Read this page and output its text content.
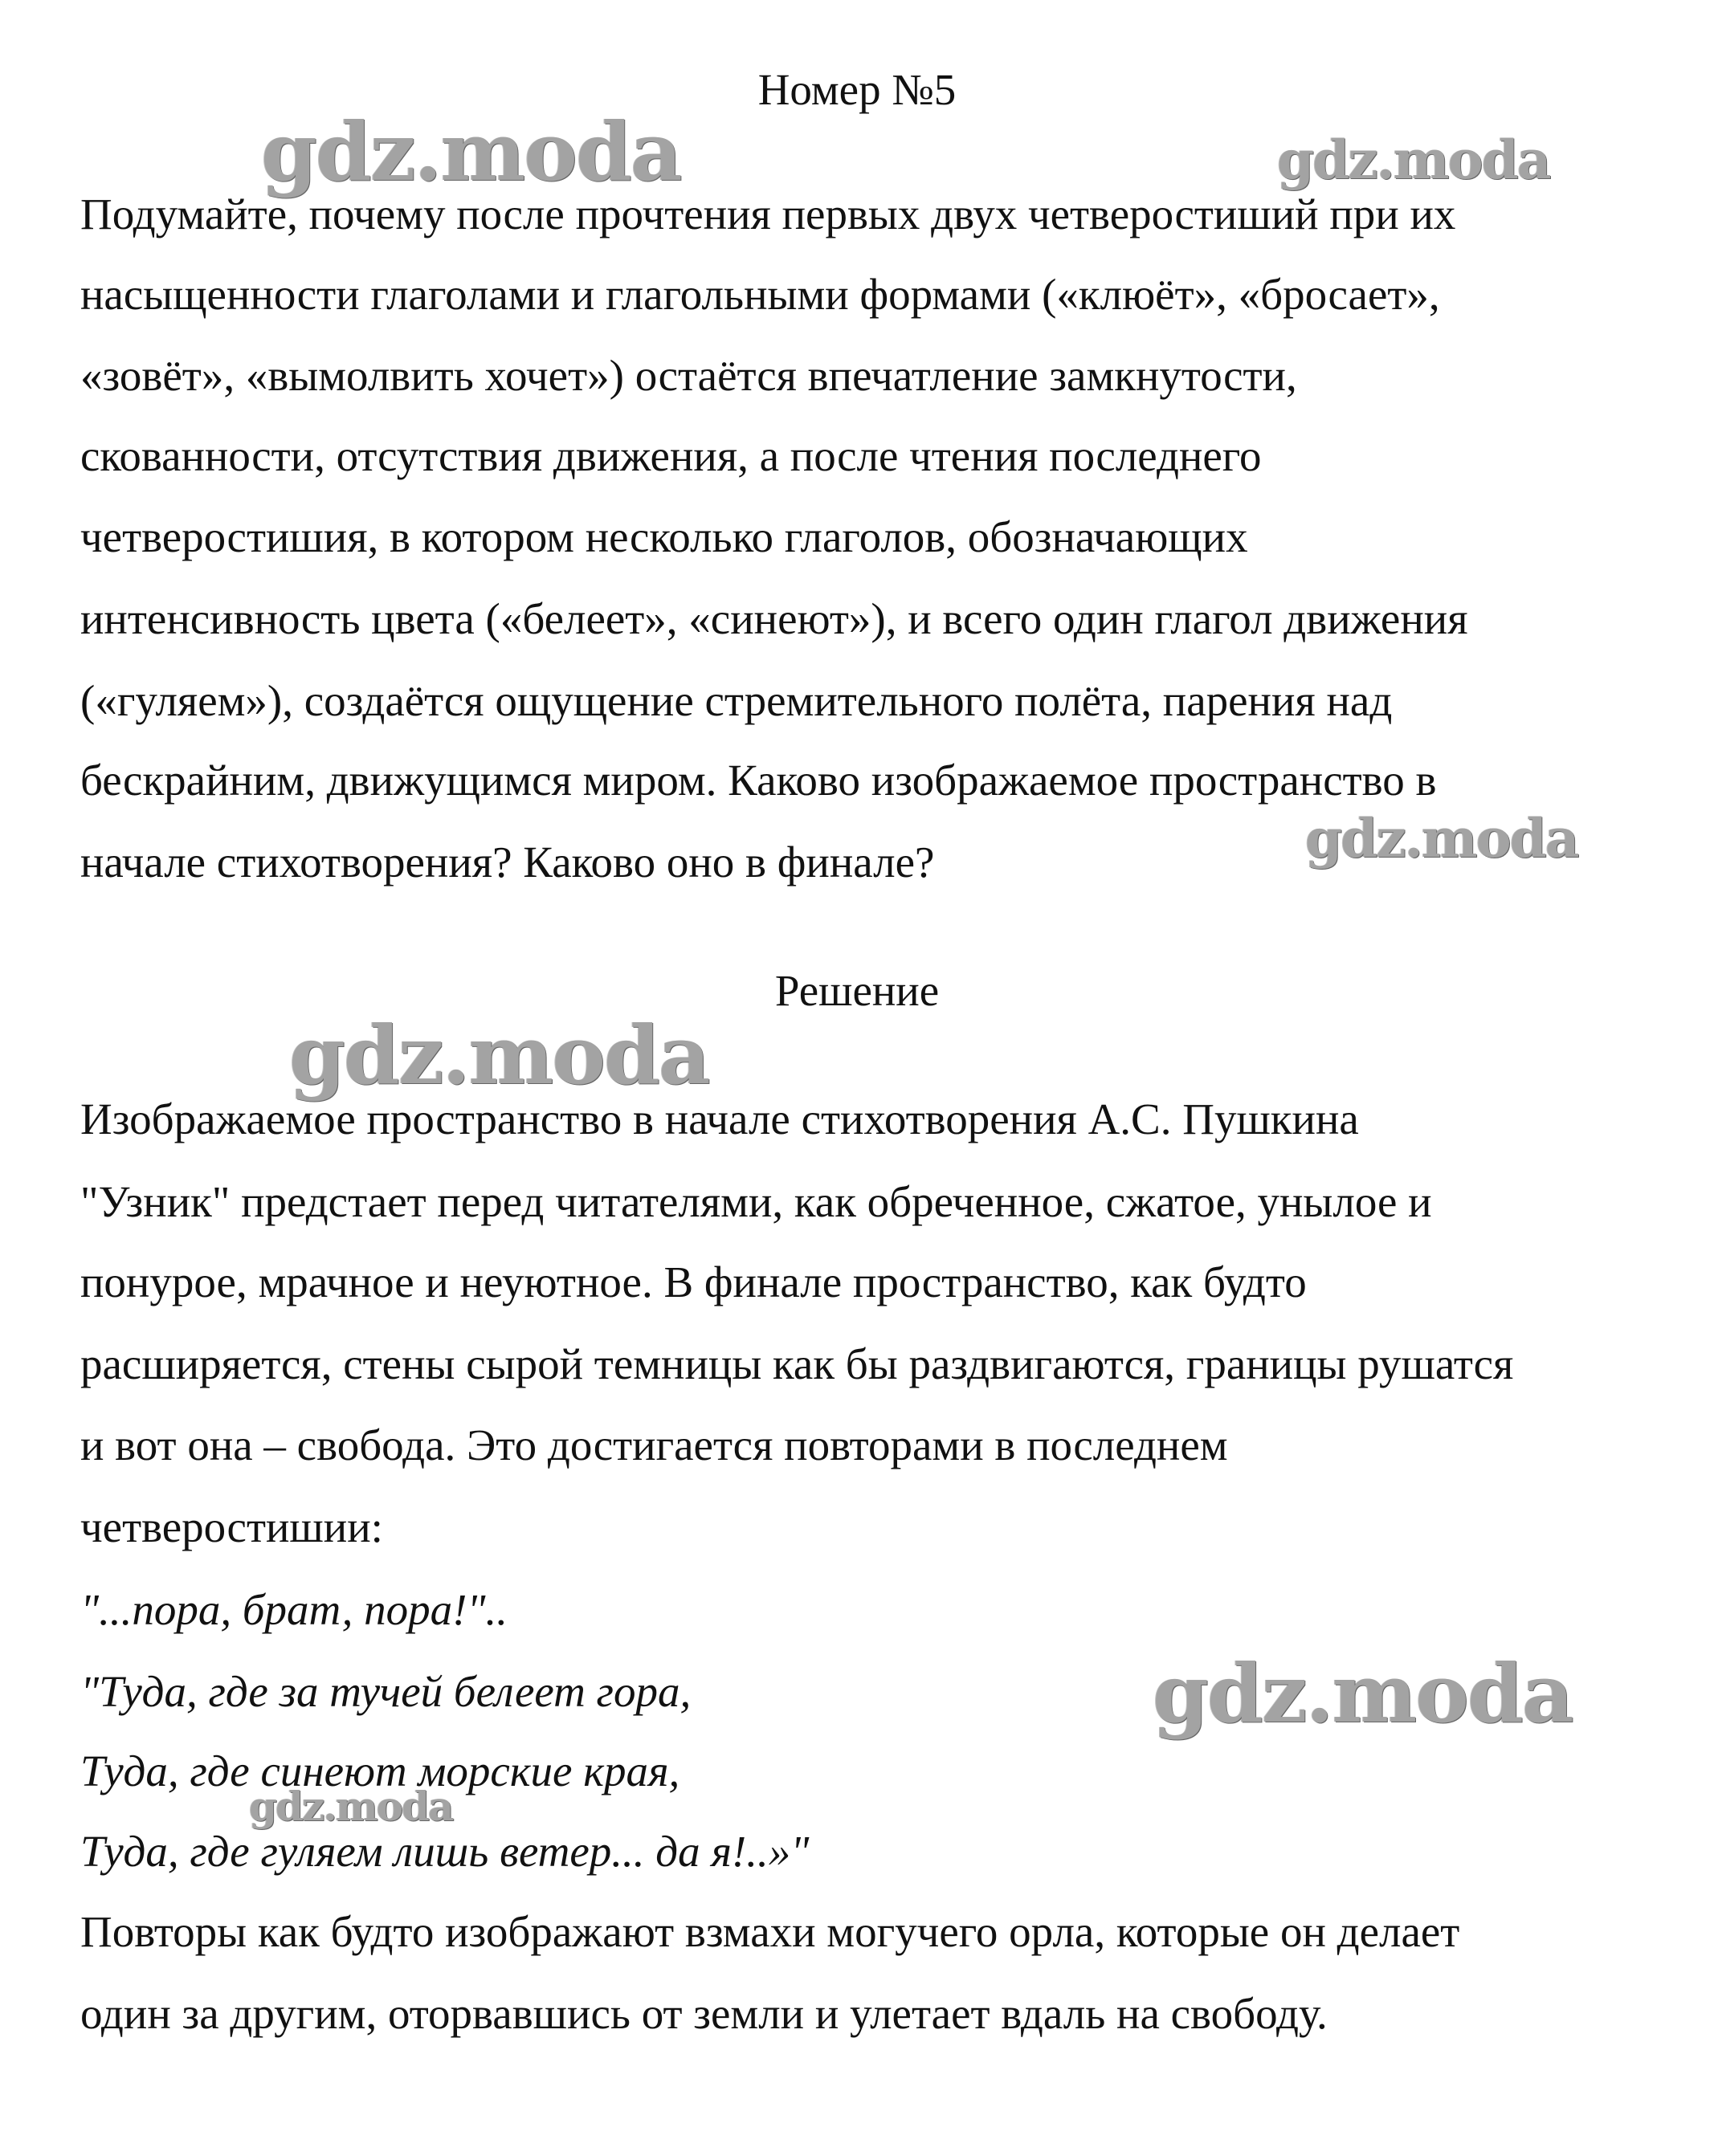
Номер №5
Подумайте, почему после прочтения первых двух четверостиший при их
насыщенности глаголами и глагольными формами («клюёт», «бросает»,
«зовёт», «вымолвить хочет») остаётся впечатление замкнутости,
скованности, отсутствия движения, а после чтения последнего
четверостишия, в котором несколько глаголов, обозначающих
интенсивность цвета («белеет», «синеют»), и всего один глагол движения
(«гуляем»), создаётся ощущение стремительного полёта, парения над
бескрайним, движущимся миром. Каково изображаемое пространство в
начале стихотворения? Каково оно в финале?
Решение
Изображаемое пространство в начале стихотворения А.С. Пушкина
"Узник" предстает перед читателями, как обреченное, сжатое, унылое и
понурое, мрачное и неуютное. В финале пространство, как будто
расширяется, стены сырой темницы как бы раздвигаются, границы рушатся
и вот она – свобода. Это достигается повторами в последнем
четверостишии:
"...пора, брат, пора!"..
"Туда, где за тучей белеет гора,
Туда, где синеют морские края,
Туда, где гуляем лишь ветер... да я!..»"
Повторы как будто изображают взмахи могучего орла, которые он делает
один за другим, оторвавшись от земли и улетает вдаль на свободу.
gdz.moda	gdz.moda
gdz.moda
gdz.moda
gdz.moda
gdz.moda
